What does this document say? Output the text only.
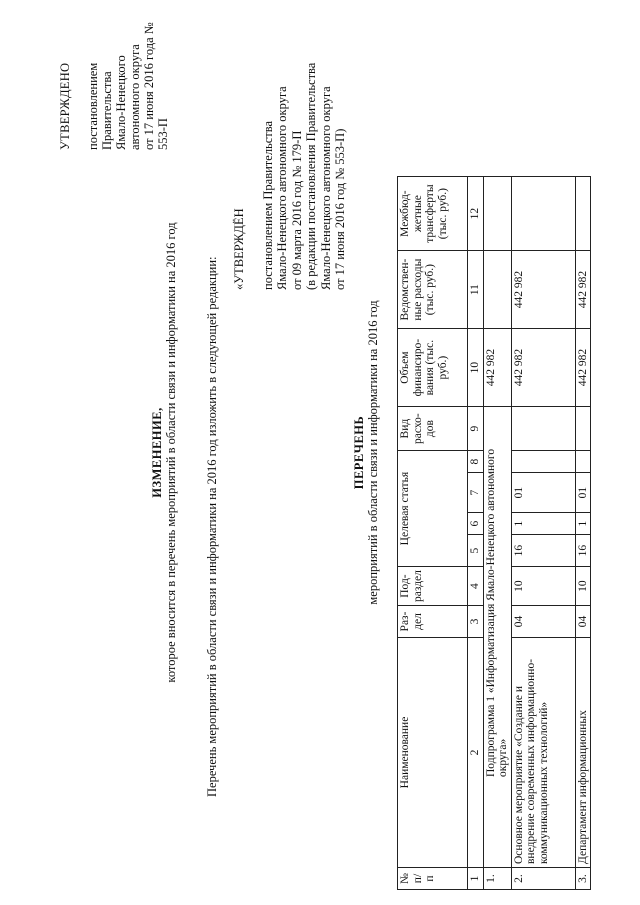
УТВЕРЖДЕНО постановлением Правительства Ямало-Ненецкого автономного округа от 17 июня 2016 года № 553-П
ИЗМЕНЕНИЕ, которое вносится в перечень мероприятий в области связи и информатики на 2016 год Перечень мероприятий в области связи и информатики на 2016 год изложить в следующей редакции:
«УТВЕРЖДЁН постановлением Правительства Ямало-Ненецкого автономного округа от 09 марта 2016 год № 179-П (в редакции постановления Правительства Ямало-Ненецкого автономного округа от 17 июня 2016 год № 553-П)
ПЕРЕЧЕНЬ мероприятий в области связи и информатики на 2016 год
№ п/п	Наименование	Раз-дел	Под-раздел	Целевая статья				Вид расхо-дов	Объем финансиро-вания (тыс. руб.)	Ведомствен-ные расходы (тыс. руб.)	Межбюд-жетные трансферты (тыс. руб.)
1	2	3	4	5	6	7	8	9	10	11	12
1.	Подпрограмма 1 «Информатизация Ямало-Ненецкого автономного округа»								442 982		
2.	Основное мероприятие «Создание и внедрение современных информационно-коммуникационных технологий»	04	10	16	1	01			442 982	442 982	
3.	Департамент информационных	04	10	16	1	01			442 982	442 982	
